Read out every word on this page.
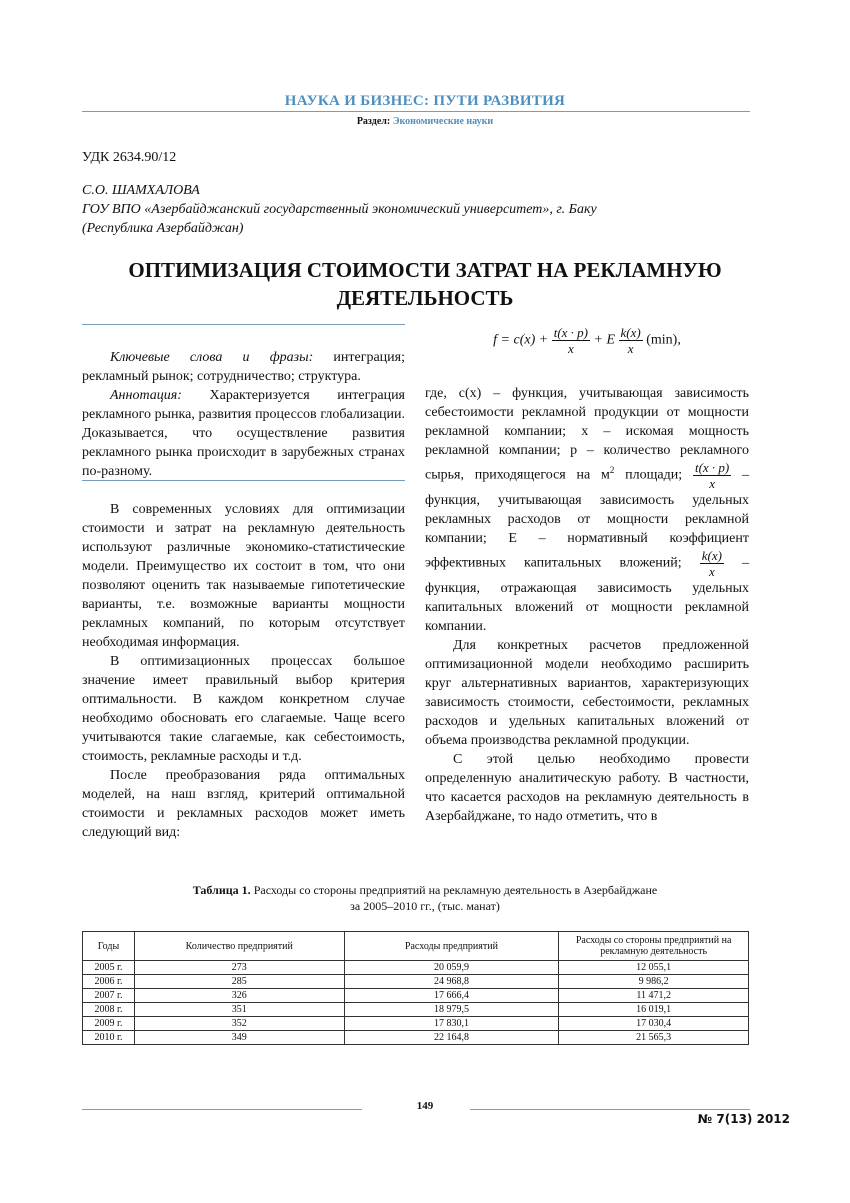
НАУКА И БИЗНЕС: ПУТИ РАЗВИТИЯ
Раздел: Экономические науки
УДК 2634.90/12
С.О. ШАМХАЛОВА
ГОУ ВПО «Азербайджанский государственный экономический университет», г. Баку
(Республика Азербайджан)
ОПТИМИЗАЦИЯ СТОИМОСТИ ЗАТРАТ НА РЕКЛАМНУЮ ДЕЯТЕЛЬНОСТЬ

Ключевые слова и фразы: интеграция; рекламный рынок; сотрудничество; структура.

Аннотация: Характеризуется интеграция рекламного рынка, развития процессов глобализации. Доказывается, что осуществление развития рекламного рынка происходит в зарубежных странах по-разному.

В современных условиях для оптимизации стоимости и затрат на рекламную деятельность используют различные экономико-статистические модели. Преимущество их состоит в том, что они позволяют оценить так называемые гипотетические варианты, т.е. возможные варианты мощности рекламных компаний, по которым отсутствует необходимая информация.

В оптимизационных процессах большое значение имеет правильный выбор критерия оптимальности. В каждом конкретном случае необходимо обосновать его слагаемые. Чаще всего учитываются такие слагаемые, как себестоимость, стоимость, рекламные расходы и т.д.

После преобразования ряда оптимальных моделей, на наш взгляд, критерий оптимальной стоимости и рекламных расходов может иметь следующий вид:

$f = c(x) + \frac{t(x \cdot p)}{x} + E \frac{k(x)}{x} (\min)$,

где, c(x) – функция, учитывающая зависимость себестоимости рекламной продукции от мощности рекламной компании; x – искомая мощность рекламной компании; p – количество рекламного сырья, приходящегося на $м^2$ площади; $\frac{t(x \cdot p)}{x}$ – функция, учитывающая зависимость удельных рекламных расходов от мощности рекламной компании; E – нормативный коэффициент эффективных капитальных вложений; $\frac{k(x)}{x}$ – функция, отражающая зависимость удельных капитальных вложений от мощности рекламной компании.

Для конкретных расчетов предложенной оптимизационной модели необходимо расширить круг альтернативных вариантов, характеризующих зависимость стоимости, себестоимости, рекламных расходов и удельных капитальных вложений от объема производства рекламной продукции.

С этой целью необходимо провести определенную аналитическую работу. В частности, что касается расходов на рекламную деятельность в Азербайджане, то надо отметить, что в

Таблица 1. Расходы со стороны предприятий на рекламную деятельность в Азербайджане
за 2005–2010 гг., (тыс. манат)
Годы	Количество предприятий	Расходы предприятий	Расходы со стороны предприятий на рекламную деятельность
2005 г.	273	20 059,9	12 055,1
2006 г.	285	24 968,8	9 986,2
2007 г.	326	17 666,4	11 471,2
2008 г.	351	18 979,5	16 019,1
2009 г.	352	17 830,1	17 030,4
2010 г.	349	22 164,8	21 565,3
149
№ 7(13) 2012
